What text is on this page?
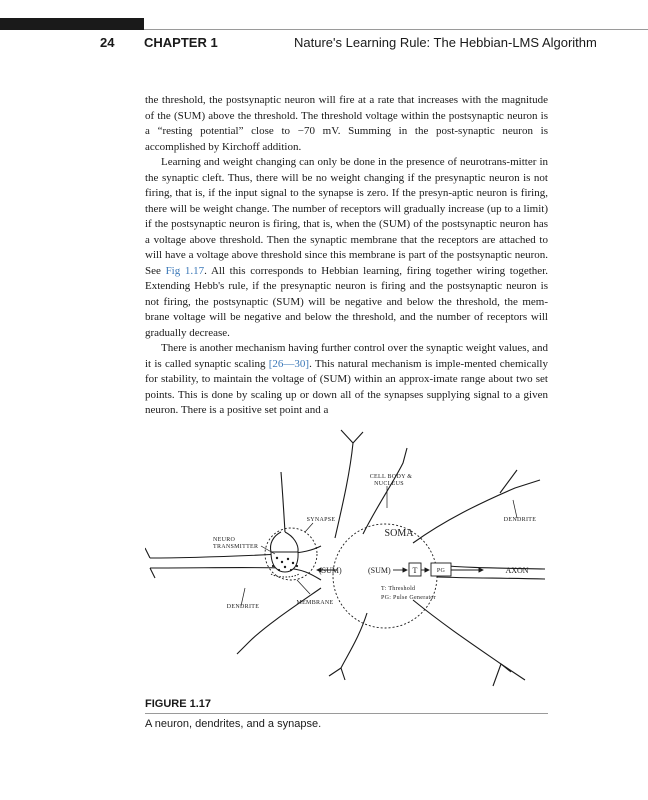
24 CHAPTER 1	Nature's Learning Rule: The Hebbian-LMS Algorithm

the threshold, the postsynaptic neuron will fire at a rate that increases with the magnitude of the (SUM) above the threshold. The threshold voltage within the postsynaptic neuron is a “resting potential” close to −70 mV. Summing in the post-synaptic neuron is accomplished by Kirchoff addition.

Learning and weight changing can only be done in the presence of neurotrans-mitter in the synaptic cleft. Thus, there will be no weight changing if the presynaptic neuron is not firing, that is, if the input signal to the synapse is zero. If the presyn-aptic neuron is firing, there will be weight change. The number of receptors will gradually increase (up to a limit) if the postsynaptic neuron is firing, that is, when the (SUM) of the postsynaptic neuron has a voltage above threshold. Then the synaptic membrane that the receptors are attached to will have a voltage above threshold since this membrane is part of the postsynaptic neuron. See Fig 1.17. All this corresponds to Hebbian learning, firing together wiring together. Extending Hebb's rule, if the presynaptic neuron is firing and the postsynaptic neuron is not firing, the postsynaptic (SUM) will be negative and below the threshold, the mem-brane voltage will be negative and below the threshold, and the number of receptors will gradually decrease.

There is another mechanism having further control over the synaptic weight values, and it is called synaptic scaling [26—30]. This natural mechanism is imple-mented chemically for stability, to maintain the voltage of (SUM) within an approx-imate range about two set points. This is done by scaling up or down all of the synapses supplying signal to a given neuron. There is a positive set point and a

CELL BODY &
NUCLEUS
SOMA
DENDRITE
SYNAPSE
NEURO
TRANSMITTER
(SUM)	(SUM)	T	PG	AXON
MEMBRANE
DENDRITE
T: Threshold
PG: Pulse Generator
FIGURE 1.17
A neuron, dendrites, and a synapse.
